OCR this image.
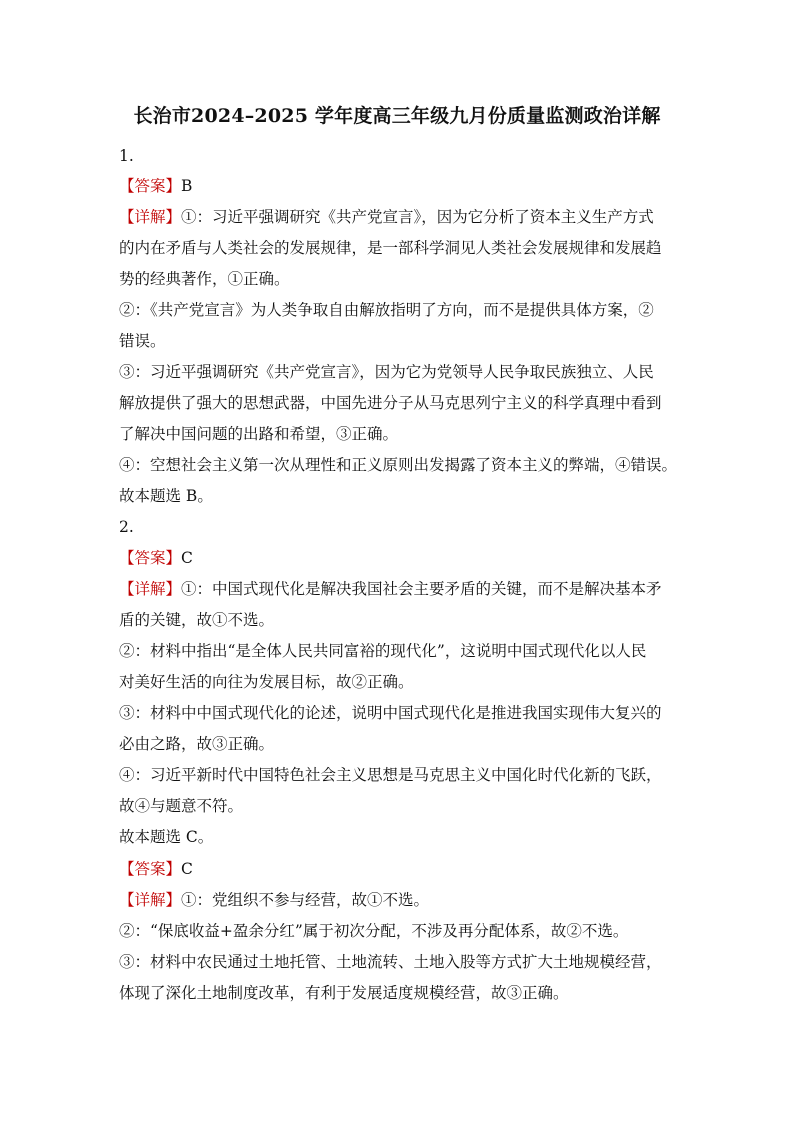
长治市2024–2025 学年度高三年级九月份质量监测政治详解
1.
【答案】B
【详解】①：习近平强调研究《共产党宣言》，因为它分析了资本主义生产方式
的内在矛盾与人类社会的发展规律，是一部科学洞见人类社会发展规律和发展趋
势的经典著作，①正确。
②：《共产党宣言》为人类争取自由解放指明了方向，而不是提供具体方案，②
错误。
③：习近平强调研究《共产党宣言》，因为它为党领导人民争取民族独立、人民
解放提供了强大的思想武器，中国先进分子从马克思列宁主义的科学真理中看到
了解决中国问题的出路和希望，③正确。
④：空想社会主义第一次从理性和正义原则出发揭露了资本主义的弊端，④错误。
故本题选 B。
2.
【答案】C
【详解】①：中国式现代化是解决我国社会主要矛盾的关键，而不是解决基本矛
盾的关键，故①不选。
②：材料中指出“是全体人民共同富裕的现代化”，这说明中国式现代化以人民
对美好生活的向往为发展目标，故②正确。
③：材料中中国式现代化的论述，说明中国式现代化是推进我国实现伟大复兴的
必由之路，故③正确。
④：习近平新时代中国特色社会主义思想是马克思主义中国化时代化新的飞跃，
故④与题意不符。
故本题选 C。
【答案】C
【详解】①：党组织不参与经营，故①不选。
②：“保底收益+盈余分红”属于初次分配，不涉及再分配体系，故②不选。
③：材料中农民通过土地托管、土地流转、土地入股等方式扩大土地规模经营，
体现了深化土地制度改革，有利于发展适度规模经营，故③正确。
